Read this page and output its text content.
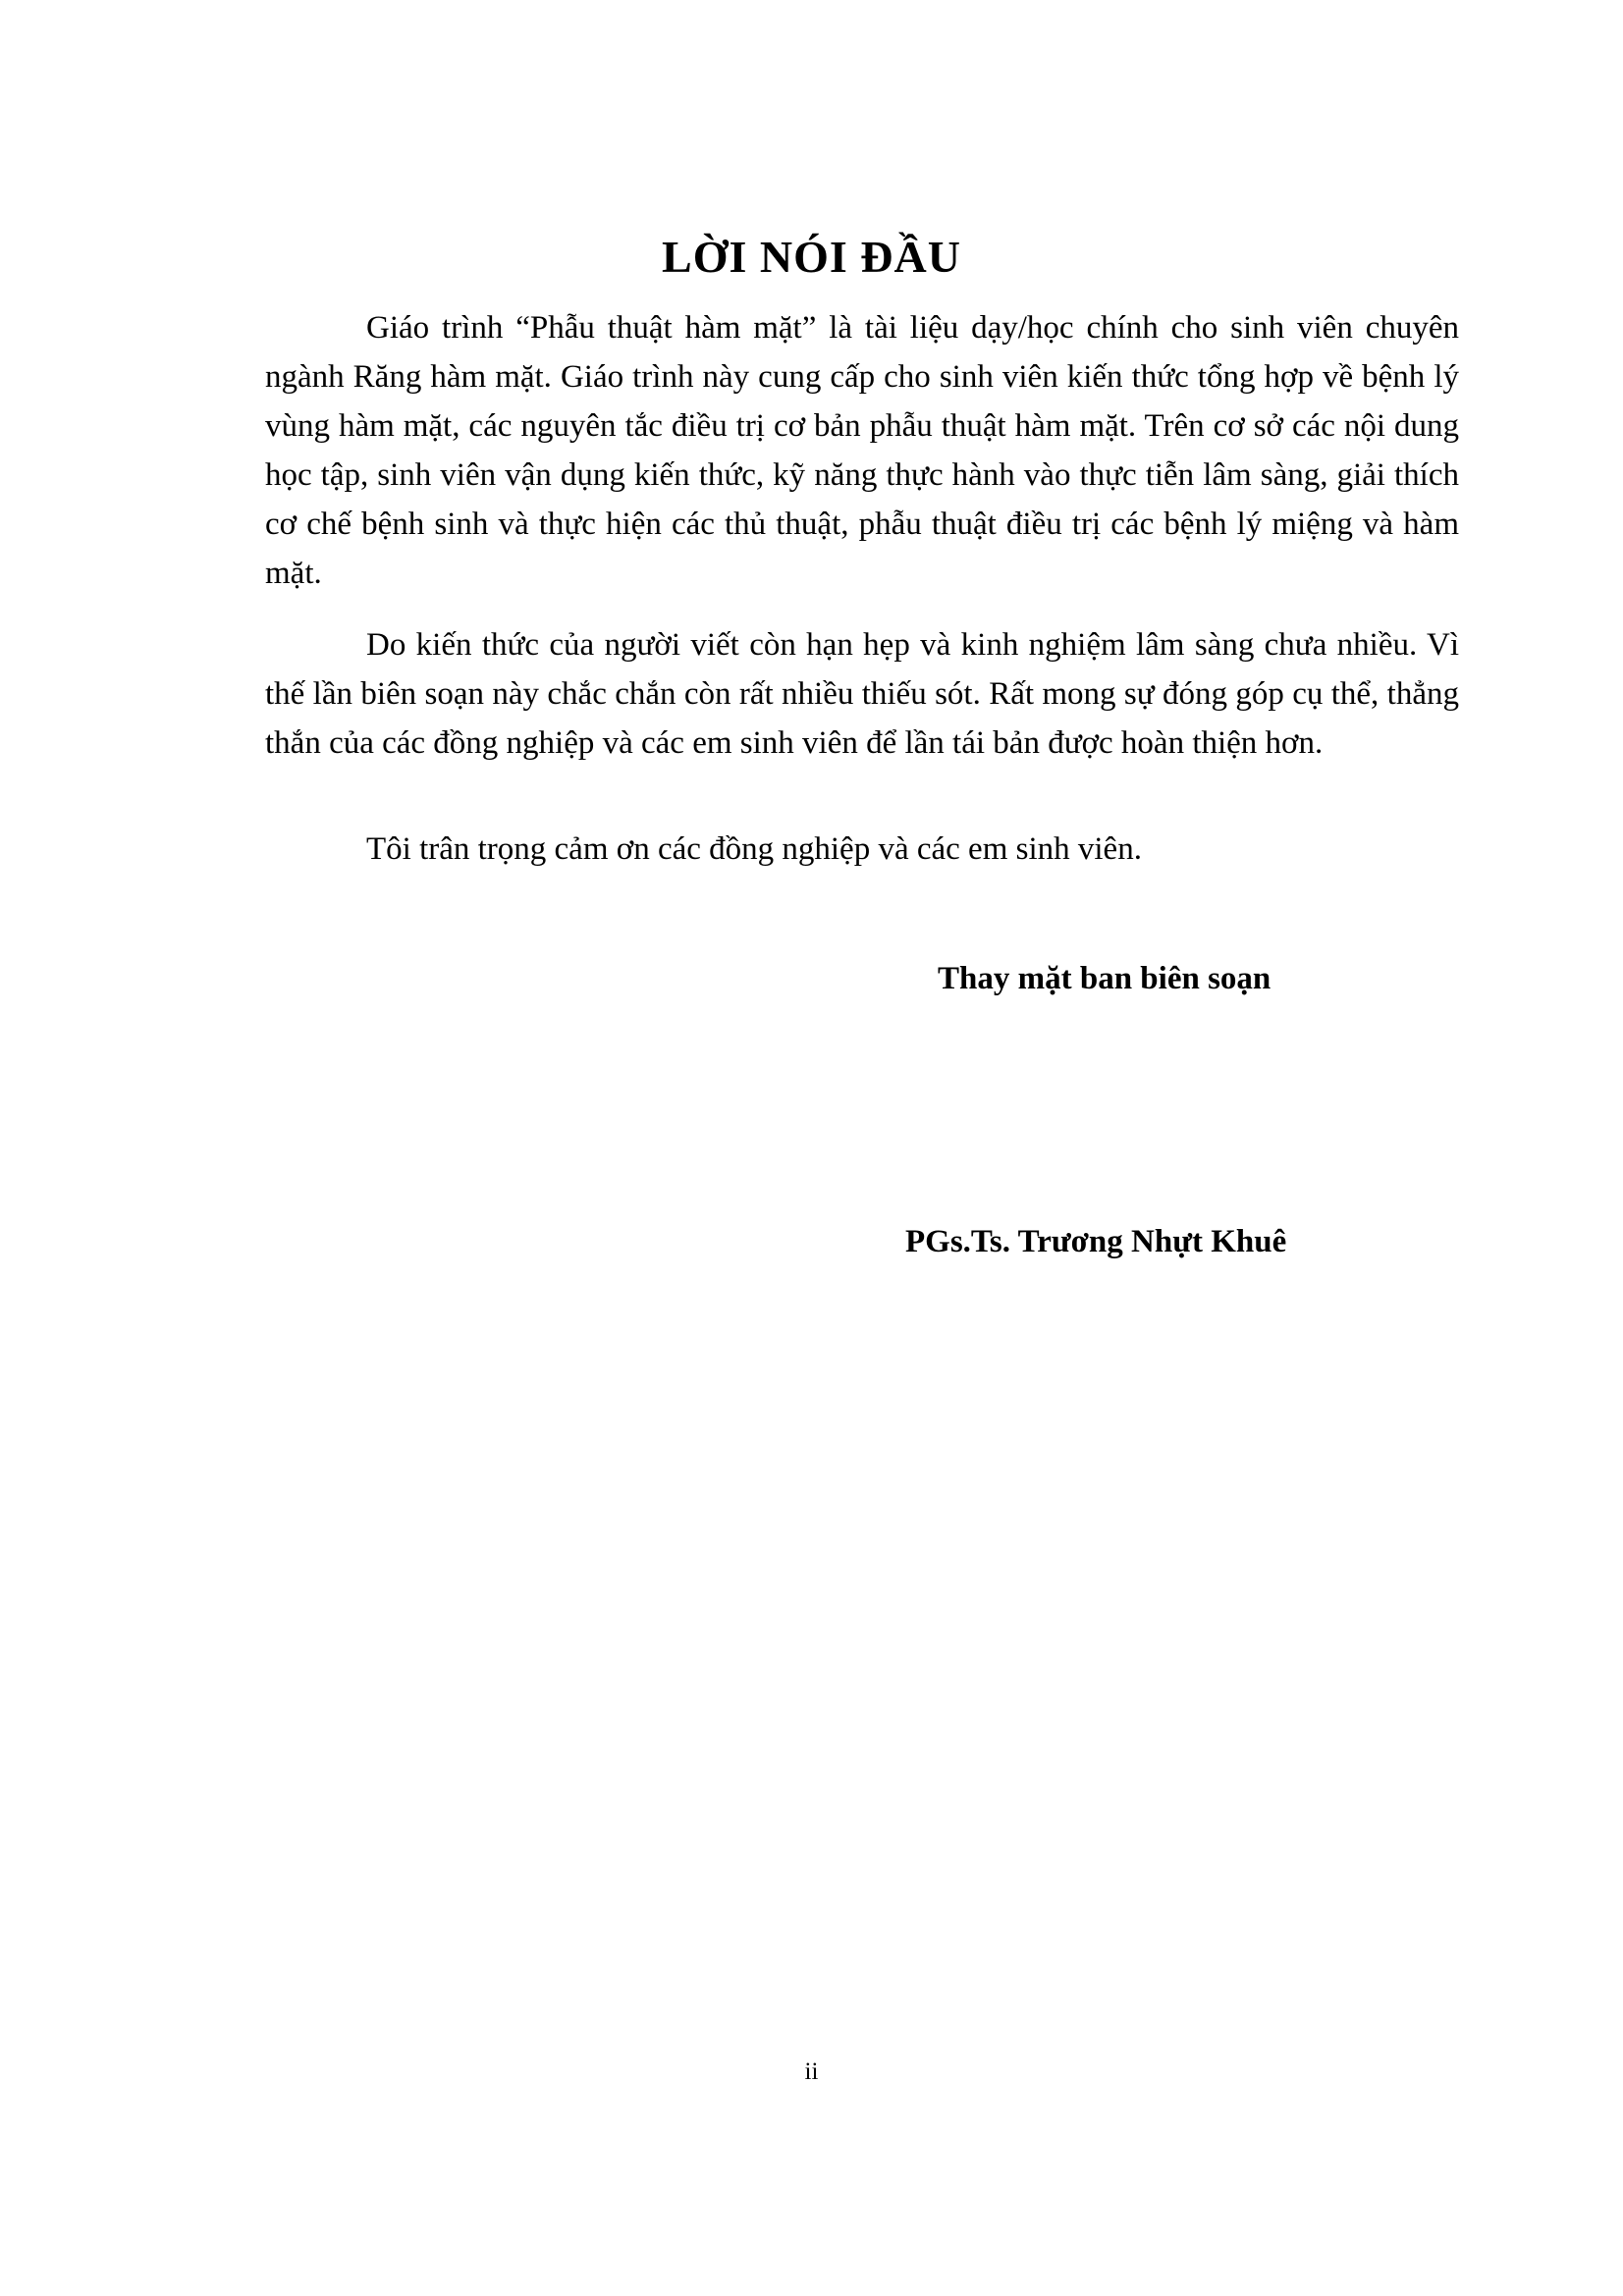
LỜI NÓI ĐẦU

Giáo trình “Phẫu thuật hàm mặt” là tài liệu dạy/học chính cho sinh viên chuyên ngành Răng hàm mặt. Giáo trình này cung cấp cho sinh viên kiến thức tổng hợp về bệnh lý vùng hàm mặt, các nguyên tắc điều trị cơ bản phẫu thuật hàm mặt. Trên cơ sở các nội dung học tập, sinh viên vận dụng kiến thức, kỹ năng thực hành vào thực tiễn lâm sàng, giải thích cơ chế bệnh sinh và thực hiện các thủ thuật, phẫu thuật điều trị các bệnh lý miệng và hàm mặt.

Do kiến thức của người viết còn hạn hẹp và kinh nghiệm lâm sàng chưa nhiều. Vì thế lần biên soạn này chắc chắn còn rất nhiều thiếu sót. Rất mong sự đóng góp cụ thể, thẳng thắn của các đồng nghiệp và các em sinh viên để lần tái bản được hoàn thiện hơn.

Tôi trân trọng cảm ơn các đồng nghiệp và các em sinh viên.

Thay mặt ban biên soạn
PGs.Ts. Trương Nhựt Khuê
ii
